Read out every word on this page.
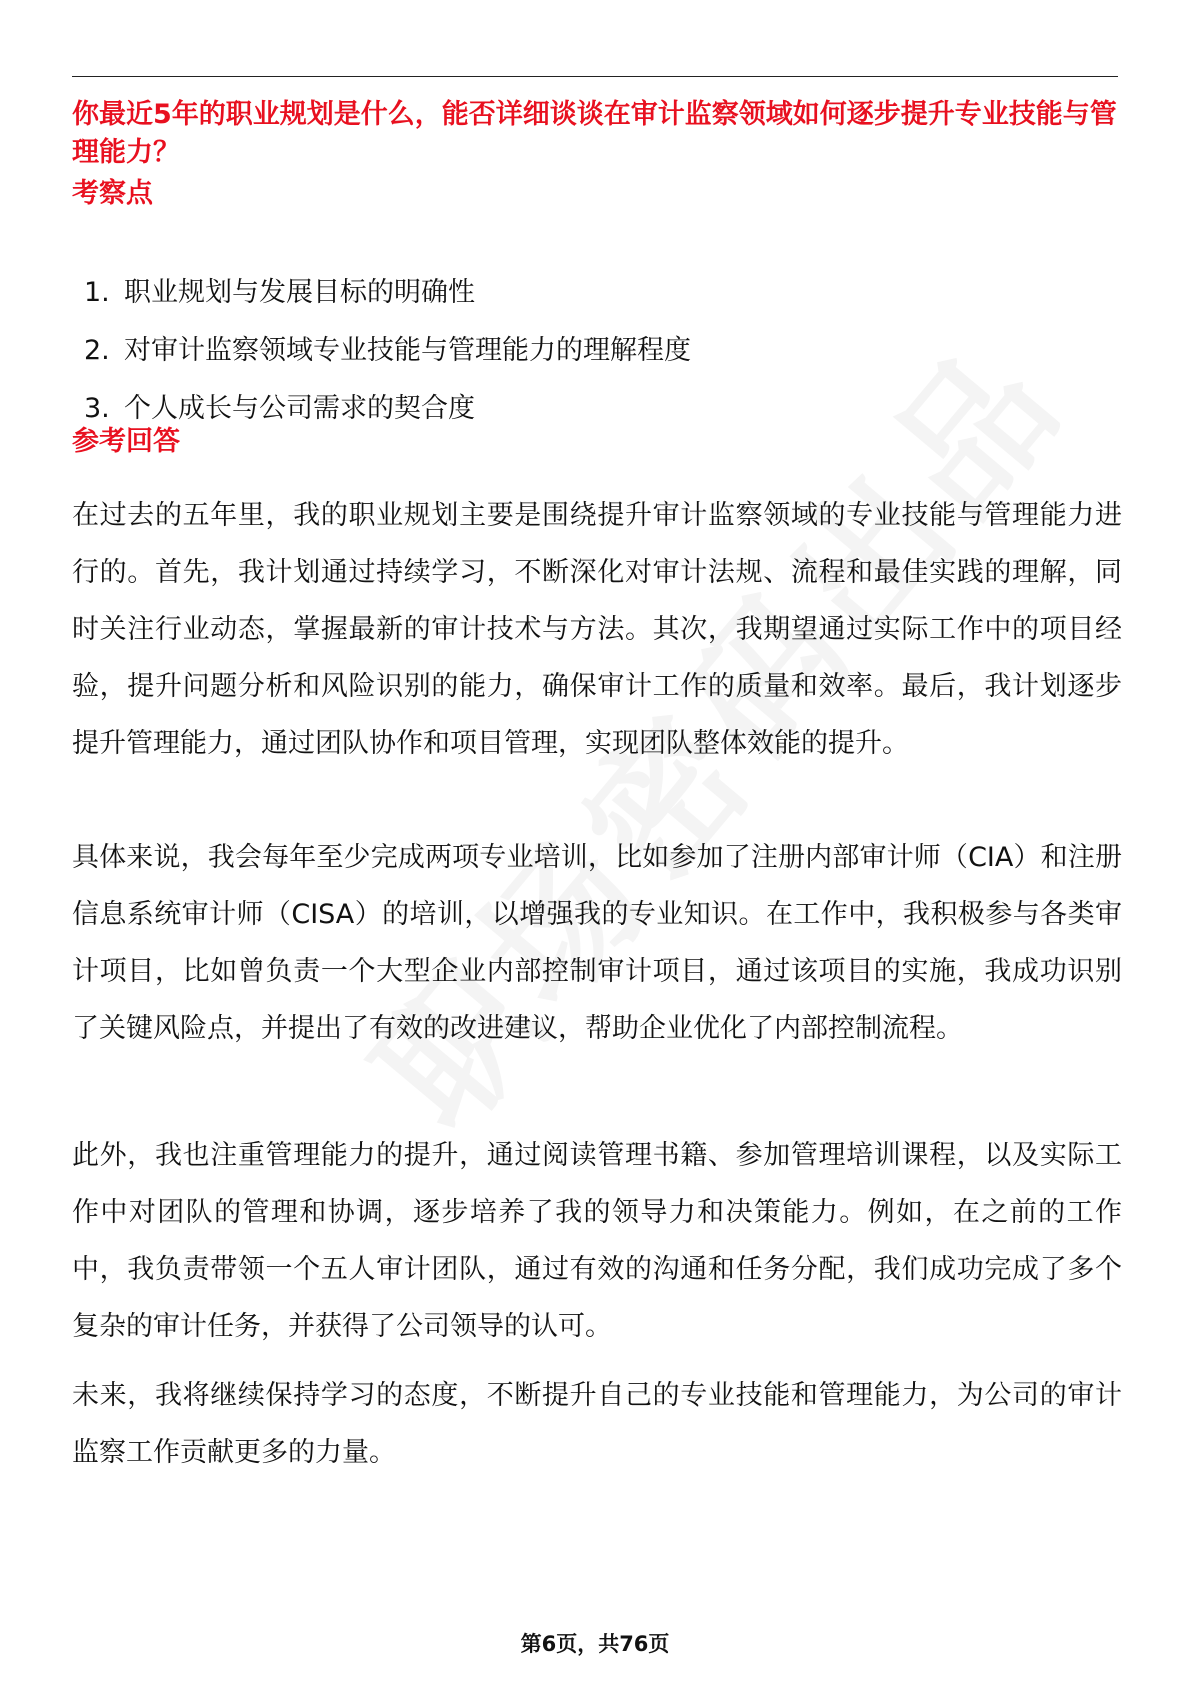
你最近5年的职业规划是什么，能否详细谈谈在审计监察领域如何逐步提升专业技能与管理能力？
考察点
1. 职业规划与发展目标的明确性
2. 对审计监察领域专业技能与管理能力的理解程度
3. 个人成长与公司需求的契合度
参考回答

在过去的五年里，我的职业规划主要是围绕提升审计监察领域的专业技能与管理能力进行的。首先，我计划通过持续学习，不断深化对审计法规、流程和最佳实践的理解，同时关注行业动态，掌握最新的审计技术与方法。其次，我期望通过实际工作中的项目经验，提升问题分析和风险识别的能力，确保审计工作的质量和效率。最后，我计划逐步提升管理能力，通过团队协作和项目管理，实现团队整体效能的提升。

具体来说，我会每年至少完成两项专业培训，比如参加了注册内部审计师（CIA）和注册信息系统审计师（CISA）的培训，以增强我的专业知识。在工作中，我积极参与各类审计项目，比如曾负责一个大型企业内部控制审计项目，通过该项目的实施，我成功识别了关键风险点，并提出了有效的改进建议，帮助企业优化了内部控制流程。

此外，我也注重管理能力的提升，通过阅读管理书籍、参加管理培训课程，以及实际工作中对团队的管理和协调，逐步培养了我的领导力和决策能力。例如，在之前的工作中，我负责带领一个五人审计团队，通过有效的沟通和任务分配，我们成功完成了多个复杂的审计任务，并获得了公司领导的认可。

未来，我将继续保持学习的态度，不断提升自己的专业技能和管理能力，为公司的审计监察工作贡献更多的力量。

第6页，共76页
